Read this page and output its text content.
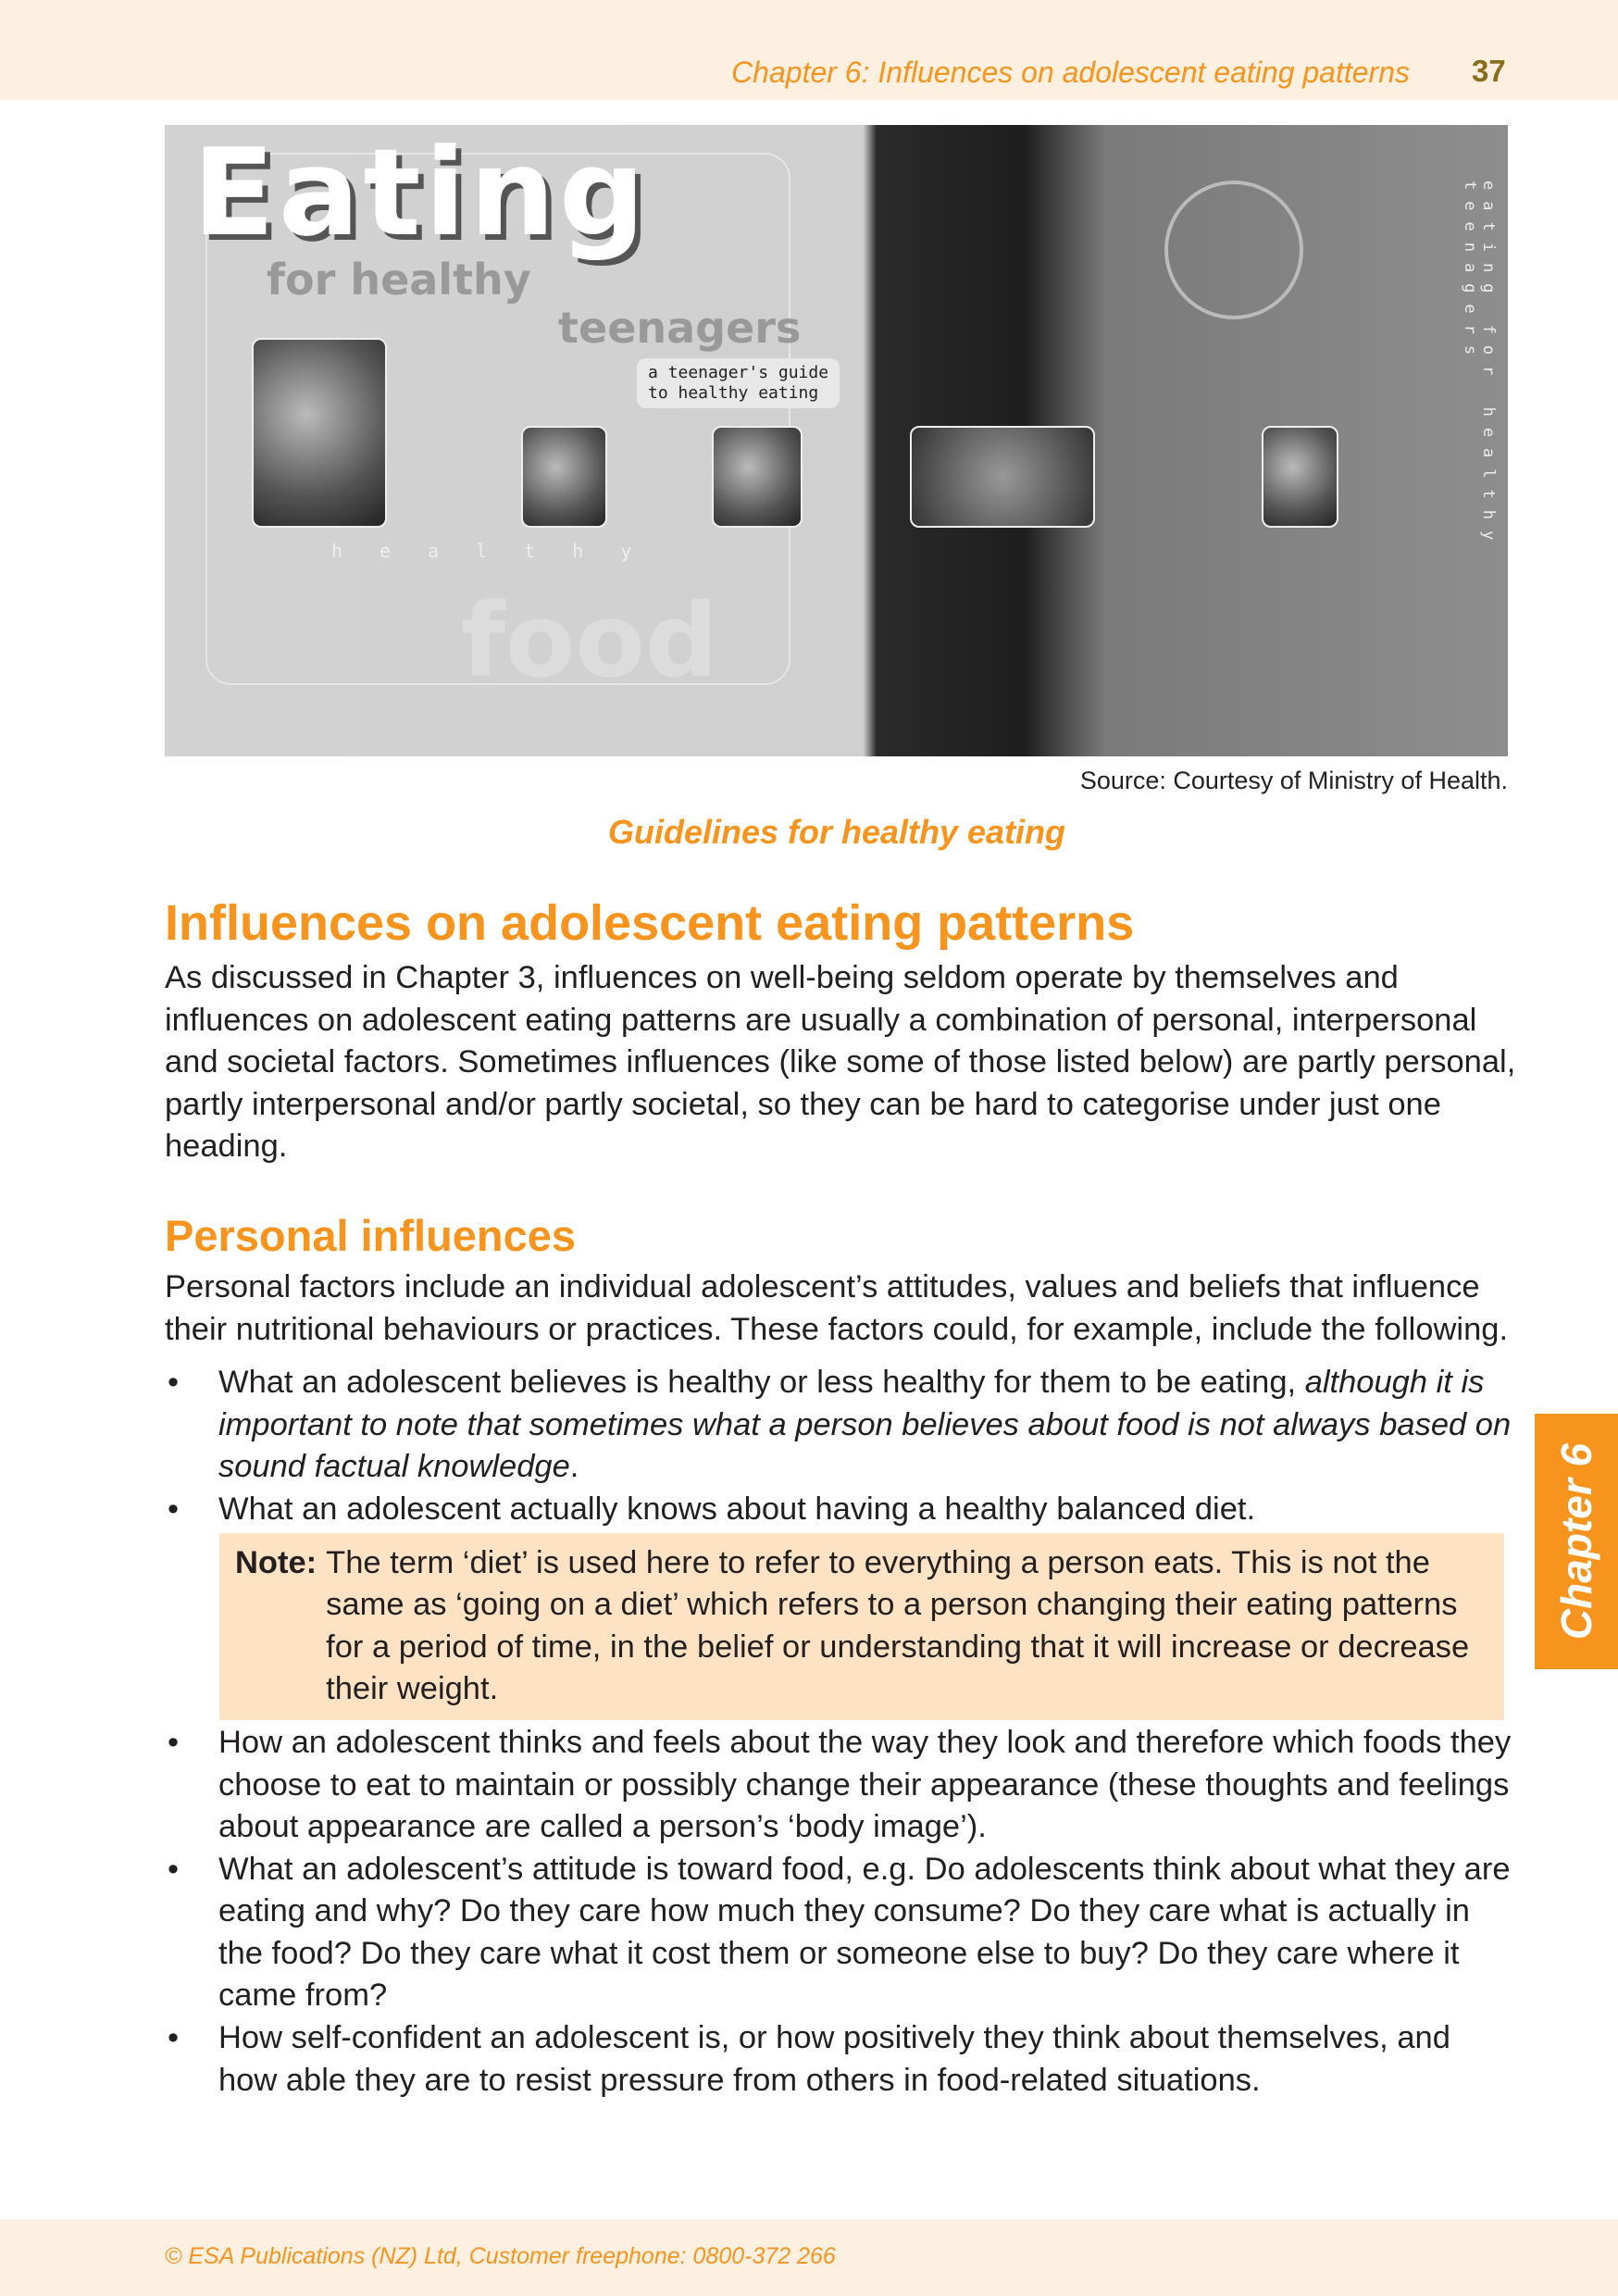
Chapter 6: Influences on adolescent eating patterns 37
Eating
for healthy
teenagers
a teenager's guide
to healthy eating
healthy
food
eating for healthy teenagers
Source: Courtesy of Ministry of Health.
Guidelines for healthy eating
Influences on adolescent eating patterns
As discussed in Chapter 3, influences on well-being seldom operate by themselves and influences on adolescent eating patterns are usually a combination of personal, interpersonal and societal factors. Sometimes influences (like some of those listed below) are partly personal, partly interpersonal and/or partly societal, so they can be hard to categorise under just one heading.
Personal influences
Personal factors include an individual adolescent’s attitudes, values and beliefs that influence their nutritional behaviours or practices. These factors could, for example, include the following.
• What an adolescent believes is healthy or less healthy for them to be eating, although it is important to note that sometimes what a person believes about food is not always based on sound factual knowledge.
• What an adolescent actually knows about having a healthy balanced diet.
Note: The term ‘diet’ is used here to refer to everything a person eats. This is not the same as ‘going on a diet’ which refers to a person changing their eating patterns for a period of time, in the belief or understanding that it will increase or decrease their weight.
• How an adolescent thinks and feels about the way they look and therefore which foods they choose to eat to maintain or possibly change their appearance (these thoughts and feelings about appearance are called a person’s ‘body image’).
• What an adolescent’s attitude is toward food, e.g. Do adolescents think about what they are eating and why? Do they care how much they consume? Do they care what is actually in the food? Do they care what it cost them or someone else to buy? Do they care where it came from?
• How self-confident an adolescent is, or how positively they think about themselves, and how able they are to resist pressure from others in food-related situations.
Chapter 6
© ESA Publications (NZ) Ltd, Customer freephone: 0800-372 266
